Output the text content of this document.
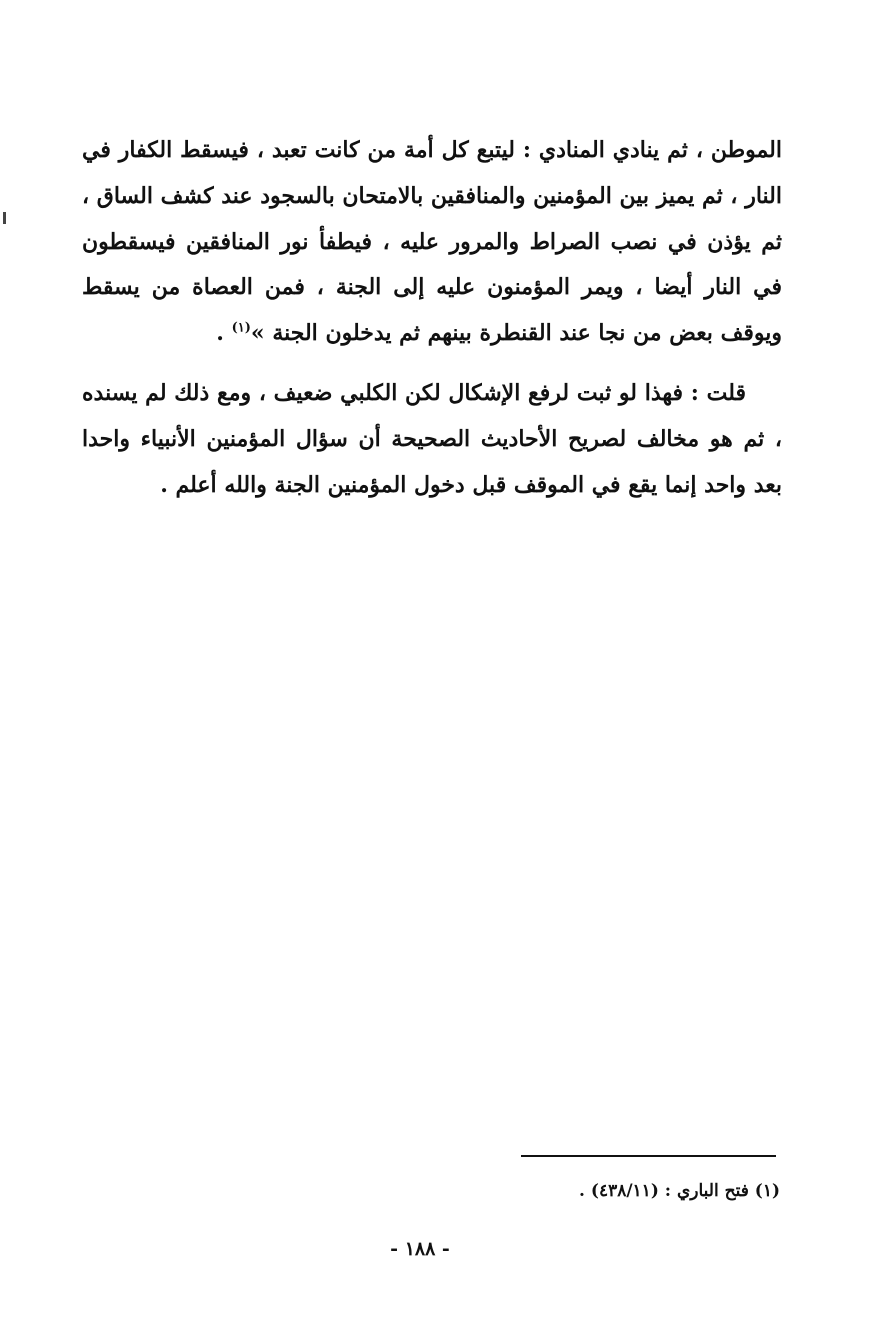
الموطن ، ثم ينادي المنادي : ليتبع كل أمة من كانت تعبد ، فيسقط الكفار في النار ، ثم يميز بين المؤمنين والمنافقين بالامتحان بالسجود عند كشف الساق ، ثم يؤذن في نصب الصراط والمرور عليه ، فيطفأ نور المنافقين فيسقطون في النار أيضا ، ويمر المؤمنون عليه إلى الجنة ، فمن العصاة من يسقط ويوقف بعض من نجا عند القنطرة بينهم ثم يدخلون الجنة »$^{(١)}$ .

قلت : فهذا لو ثبت لرفع الإشكال لكن الكلبي ضعيف ، ومع ذلك لم يسنده ، ثم هو مخالف لصريح الأحاديث الصحيحة أن سؤال المؤمنين الأنبياء واحدا بعد واحد إنما يقع في الموقف قبل دخول المؤمنين الجنة والله أعلم .

(١) فتح الباري : (٤٣٨/١١) .
- ١٨٨ -
